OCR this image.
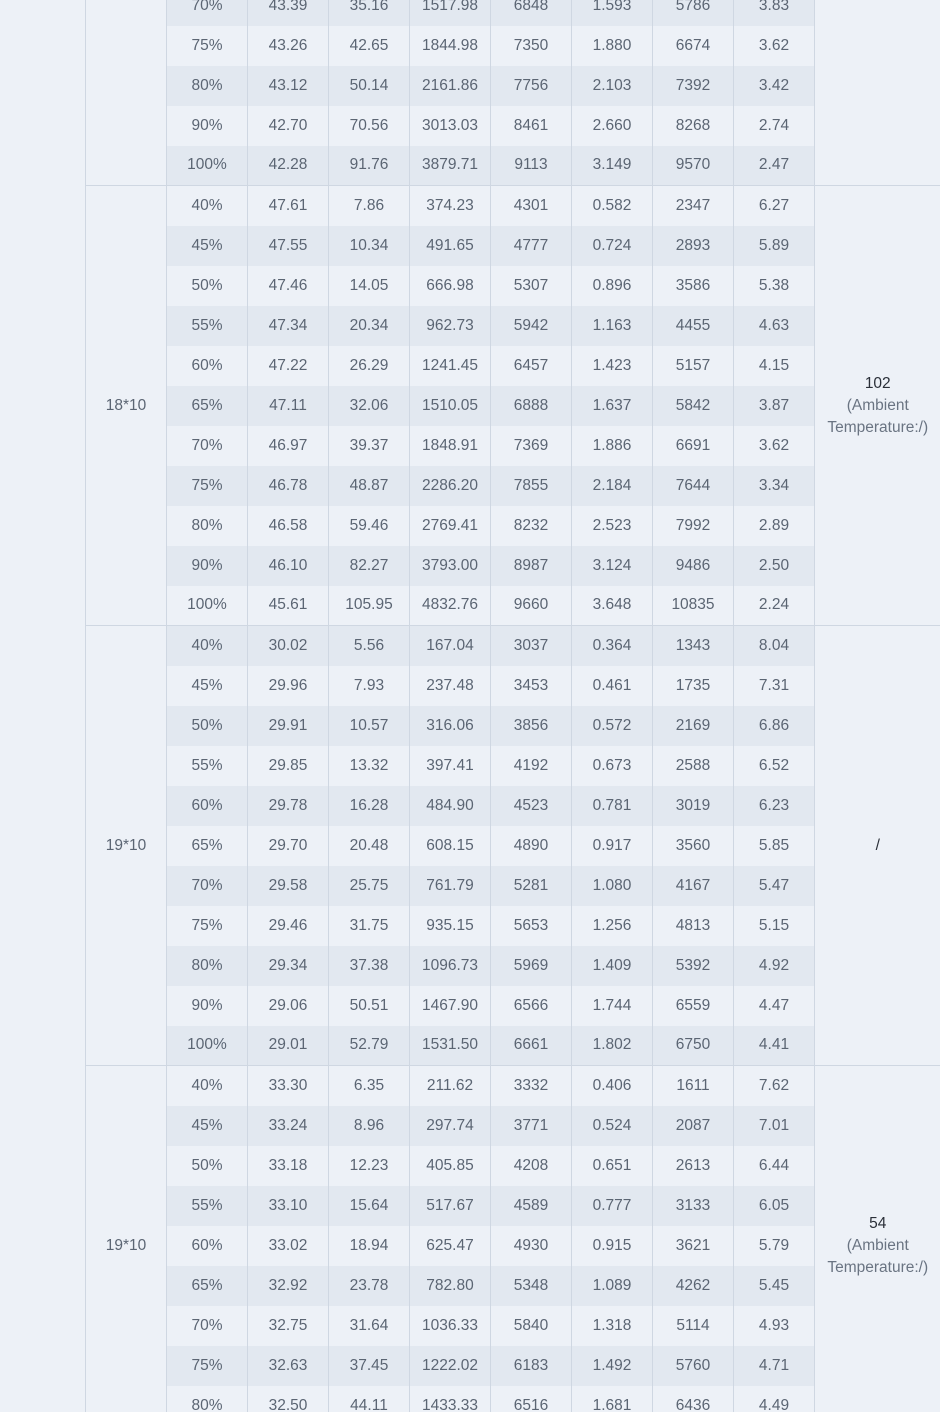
	70%	43.39	35.16	1517.98	6848	1.593	5786	3.83	

	75%	43.26	42.65	1844.98	7350	1.880	6674	3.62	
	80%	43.12	50.14	2161.86	7756	2.103	7392	3.42	
	90%	42.70	70.56	3013.03	8461	2.660	8268	2.74	
	100%	42.28	91.76	3879.71	9113	3.149	9570	2.47	
18*10	40%	47.61	7.86	374.23	4301	0.582	2347	6.27	102
(Ambient Temperature:/)

	45%	47.55	10.34	491.65	4777	0.724	2893	5.89	
	50%	47.46	14.05	666.98	5307	0.896	3586	5.38	
	55%	47.34	20.34	962.73	5942	1.163	4455	4.63	
	60%	47.22	26.29	1241.45	6457	1.423	5157	4.15	
	65%	47.11	32.06	1510.05	6888	1.637	5842	3.87	
	70%	46.97	39.37	1848.91	7369	1.886	6691	3.62	
	75%	46.78	48.87	2286.20	7855	2.184	7644	3.34	
	80%	46.58	59.46	2769.41	8232	2.523	7992	2.89	
	90%	46.10	82.27	3793.00	8987	3.124	9486	2.50	
	100%	45.61	105.95	4832.76	9660	3.648	10835	2.24	
19*10	40%	30.02	5.56	167.04	3037	0.364	1343	8.04	/

	45%	29.96	7.93	237.48	3453	0.461	1735	7.31	
	50%	29.91	10.57	316.06	3856	0.572	2169	6.86	
	55%	29.85	13.32	397.41	4192	0.673	2588	6.52	
	60%	29.78	16.28	484.90	4523	0.781	3019	6.23	
	65%	29.70	20.48	608.15	4890	0.917	3560	5.85	
	70%	29.58	25.75	761.79	5281	1.080	4167	5.47	
	75%	29.46	31.75	935.15	5653	1.256	4813	5.15	
	80%	29.34	37.38	1096.73	5969	1.409	5392	4.92	
	90%	29.06	50.51	1467.90	6566	1.744	6559	4.47	
	100%	29.01	52.79	1531.50	6661	1.802	6750	4.41	
19*10	40%	33.30	6.35	211.62	3332	0.406	1611	7.62	54
(Ambient Temperature:/)

	45%	33.24	8.96	297.74	3771	0.524	2087	7.01	
	50%	33.18	12.23	405.85	4208	0.651	2613	6.44	
	55%	33.10	15.64	517.67	4589	0.777	3133	6.05	
	60%	33.02	18.94	625.47	4930	0.915	3621	5.79	
	65%	32.92	23.78	782.80	5348	1.089	4262	5.45	
	70%	32.75	31.64	1036.33	5840	1.318	5114	4.93	
	75%	32.63	37.45	1222.02	6183	1.492	5760	4.71	
	80%	32.50	44.11	1433.33	6516	1.681	6436	4.49	
